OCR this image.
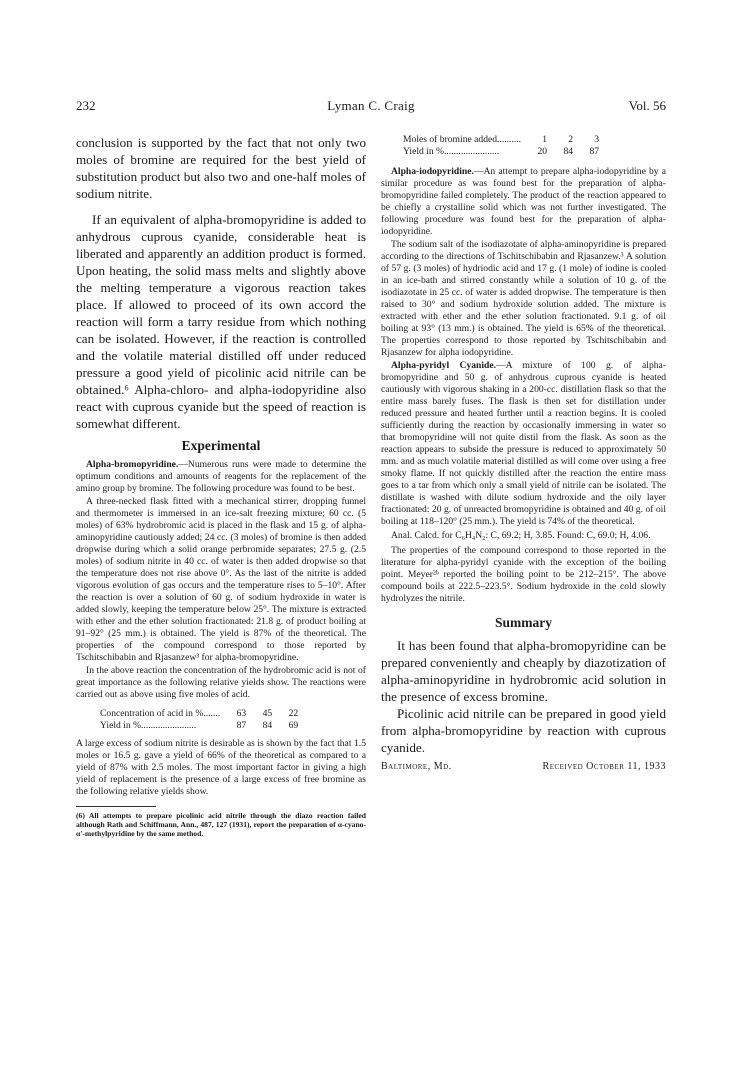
232	Lyman C. Craig	Vol. 56

conclusion is supported by the fact that not only two moles of bromine are required for the best yield of substitution product but also two and one-half moles of sodium nitrite.

If an equivalent of alpha-bromopyridine is added to anhydrous cuprous cyanide, considerable heat is liberated and apparently an addition product is formed. Upon heating, the solid mass melts and slightly above the melting temperature a vigorous reaction takes place. If allowed to proceed of its own accord the reaction will form a tarry residue from which nothing can be isolated. However, if the reaction is controlled and the volatile material distilled off under reduced pressure a good yield of picolinic acid nitrile can be obtained.⁶ Alpha-chloro- and alpha-iodopyridine also react with cuprous cyanide but the speed of reaction is somewhat different.

Experimental

Alpha-bromopyridine.—Numerous runs were made to determine the optimum conditions and amounts of reagents for the replacement of the amino group by bromine. The following procedure was found to be best.

A three-necked flask fitted with a mechanical stirrer, dropping funnel and thermometer is immersed in an ice-salt freezing mixture; 60 cc. (5 moles) of 63% hydrobromic acid is placed in the flask and 15 g. of alpha-aminopyridine cautiously added; 24 cc. (3 moles) of bromine is then added dropwise during which a solid orange perbromide separates; 27.5 g. (2.5 moles) of sodium nitrite in 40 cc. of water is then added dropwise so that the temperature does not rise above 0°. As the last of the nitrite is added vigorous evolution of gas occurs and the temperature rises to 5–10°. After the reaction is over a solution of 60 g. of sodium hydroxide in water is added slowly, keeping the temperature below 25°. The mixture is extracted with ether and the ether solution fractionated: 21.8 g. of product boiling at 91–92° (25 mm.) is obtained. The yield is 87% of the theoretical. The properties of the compound correspond to those reported by Tschitschibabin and Rjasanzew³ for alpha-bromopyridine.

In the above reaction the concentration of the hydrobromic acid is not of great importance as the following relative yields show. The reactions were carried out as above using five moles of acid.

Concentration of acid in %.......	63	45	22
Yield in %.......................	87	84	69

A large excess of sodium nitrite is desirable as is shown by the fact that 1.5 moles or 16.5 g. gave a yield of 66% of the theoretical as compared to a yield of 87% with 2.5 moles. The most important factor in giving a high yield of replacement is the presence of a large excess of free bromine as the following relative yields show.

(6) All attempts to prepare picolinic acid nitrile through the diazo reaction failed although Rath and Schiffmann, Ann., 487, 127 (1931), report the preparation of α-cyano-α'-methylpyridine by the same method.

Moles of bromine added..........	1	2	3
Yield in %.......................	20	84	87

Alpha-iodopyridine.—An attempt to prepare alpha-iodopyridine by a similar procedure as was found best for the preparation of alpha-bromopyridine failed completely. The product of the reaction appeared to be chiefly a crystalline solid which was not further investigated. The following procedure was found best for the preparation of alpha-iodopyridine.

The sodium salt of the isodiazotate of alpha-aminopyridine is prepared according to the directions of Tschitschibabin and Rjasanzew.³ A solution of 57 g. (3 moles) of hydriodic acid and 17 g. (1 mole) of iodine is cooled in an ice-bath and stirred constantly while a solution of 10 g. of the isodiazotate in 25 cc. of water is added dropwise. The temperature is then raised to 30° and sodium hydroxide solution added. The mixture is extracted with ether and the ether solution fractionated. 9.1 g. of oil boiling at 93° (13 mm.) is obtained. The yield is 65% of the theoretical. The properties correspond to those reported by Tschitschibabin and Rjasanzew for alpha iodopyridine.

Alpha-pyridyl Cyanide.—A mixture of 100 g. of alpha-bromopyridine and 50 g. of anhydrous cuprous cyanide is heated cautiously with vigorous shaking in a 200-cc. distillation flask so that the entire mass barely fuses. The flask is then set for distillation under reduced pressure and heated further until a reaction begins. It is cooled sufficiently during the reaction by occasionally immersing in water so that bromopyridine will not quite distil from the flask. As soon as the reaction appears to subside the pressure is reduced to approximately 50 mm. and as much volatile material distilled as will come over using a free smoky flame. If not quickly distilled after the reaction the entire mass goes to a tar from which only a small yield of nitrile can be isolated. The distillate is washed with dilute sodium hydroxide and the oily layer fractionated: 20 g. of unreacted bromopyridine is obtained and 40 g. of oil boiling at 118–120° (25 mm.). The yield is 74% of the theoretical.

Anal. Calcd. for C₆H₄N₂: C, 69.2; H, 3.85. Found: C, 69.0; H, 4.06.

The properties of the compound correspond to those reported in the literature for alpha-pyridyl cyanide with the exception of the boiling point. Meyer²ᵇ reported the boiling point to be 212–215°. The above compound boils at 222.5–223.5°. Sodium hydroxide in the cold slowly hydrolyzes the nitrile.

Summary

It has been found that alpha-bromopyridine can be prepared conveniently and cheaply by diazotization of alpha-aminopyridine in hydrobromic acid solution in the presence of excess bromine.

Picolinic acid nitrile can be prepared in good yield from alpha-bromopyridine by reaction with cuprous cyanide.

Baltimore, Md.	Received October 11, 1933
